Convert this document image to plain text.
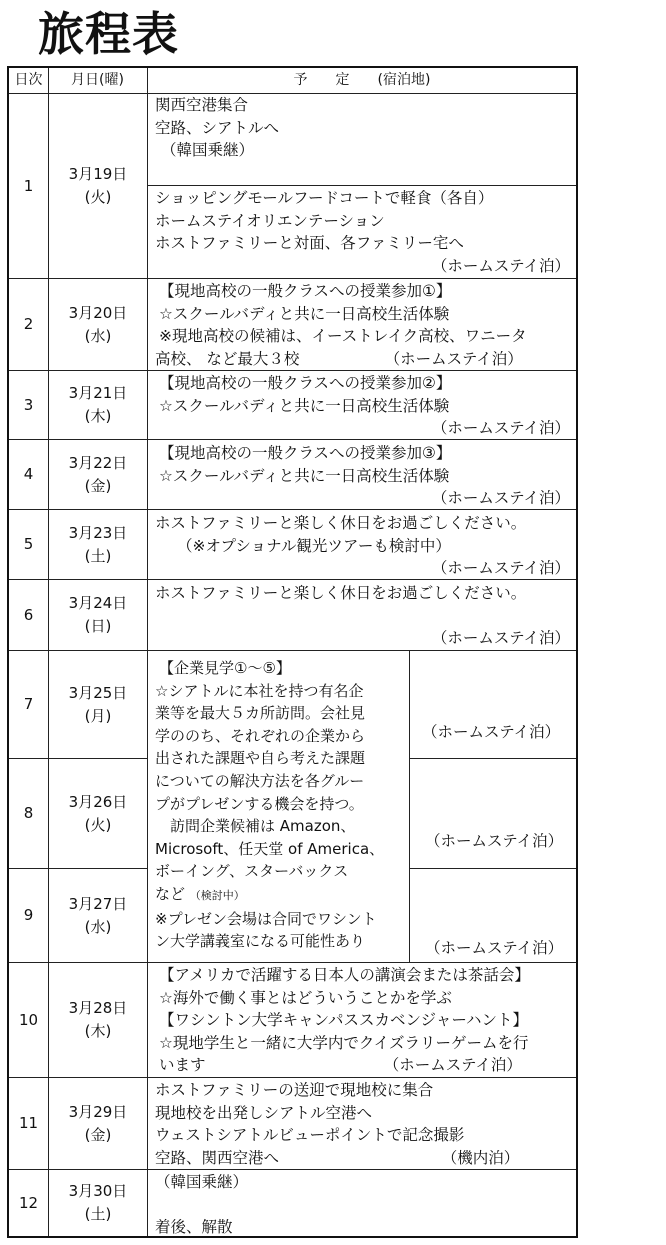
旅程表
日次	月日(曜)	予　　定　　(宿泊地)
1
2
3
4
5
6
7
8
9
10
11
12
3月19日
(火)
3月20日
(水)
3月21日
(木)
3月22日
(金)
3月23日
(土)
3月24日
(日)
3月25日
(月)
3月26日
(火)
3月27日
(水)
3月28日
(木)
3月29日
(金)
3月30日
(土)
関西空港集合
空路、シアトルへ
（韓国乗継）
ショッピングモールフードコートで軽食（各自）
ホームステイオリエンテーション
ホストファミリーと対面、各ファミリー宅へ
（ホームステイ泊）
【現地高校の一般クラスへの授業参加①】
☆スクールバディと共に一日高校生活体験
※現地高校の候補は、イーストレイク高校、ワニータ
高校、 など最大３校　　　　　　（ホームステイ泊）
【現地高校の一般クラスへの授業参加②】
☆スクールバディと共に一日高校生活体験
（ホームステイ泊）
【現地高校の一般クラスへの授業参加③】
☆スクールバディと共に一日高校生活体験
（ホームステイ泊）
ホストファミリーと楽しく休日をお過ごしください。
（※オプショナル観光ツアーも検討中）
（ホームステイ泊）
ホストファミリーと楽しく休日をお過ごしください。

（ホームステイ泊）
【企業見学①～⑤】
☆シアトルに本社を持つ有名企
業等を最大５カ所訪問。会社見
学ののち、それぞれの企業から
出された課題や自ら考えた課題
についての解決方法を各グルー
プがプレゼンする機会を持つ。
　訪問企業候補は Amazon、
Microsoft、任天堂 of America、
ボーイング、スターバックス
など （検討中）
※プレゼン会場は合同でワシント
ン大学講義室になる可能性あり
（ホームステイ泊）
（ホームステイ泊）
（ホームステイ泊）
【アメリカで活躍する日本人の講演会または茶話会】
☆海外で働く事とはどういうことかを学ぶ
【ワシントン大学キャンパススカベンジャーハント】
☆現地学生と一緒に大学内でクイズラリーゲームを行
います　　　　　　　　　　　　（ホームステイ泊）
ホストファミリーの送迎で現地校に集合
現地校を出発しシアトル空港へ
ウェストシアトルビューポイントで記念撮影
空路、関西空港へ　　　　　　　　　　　（機内泊）
（韓国乗継）

着後、解散
